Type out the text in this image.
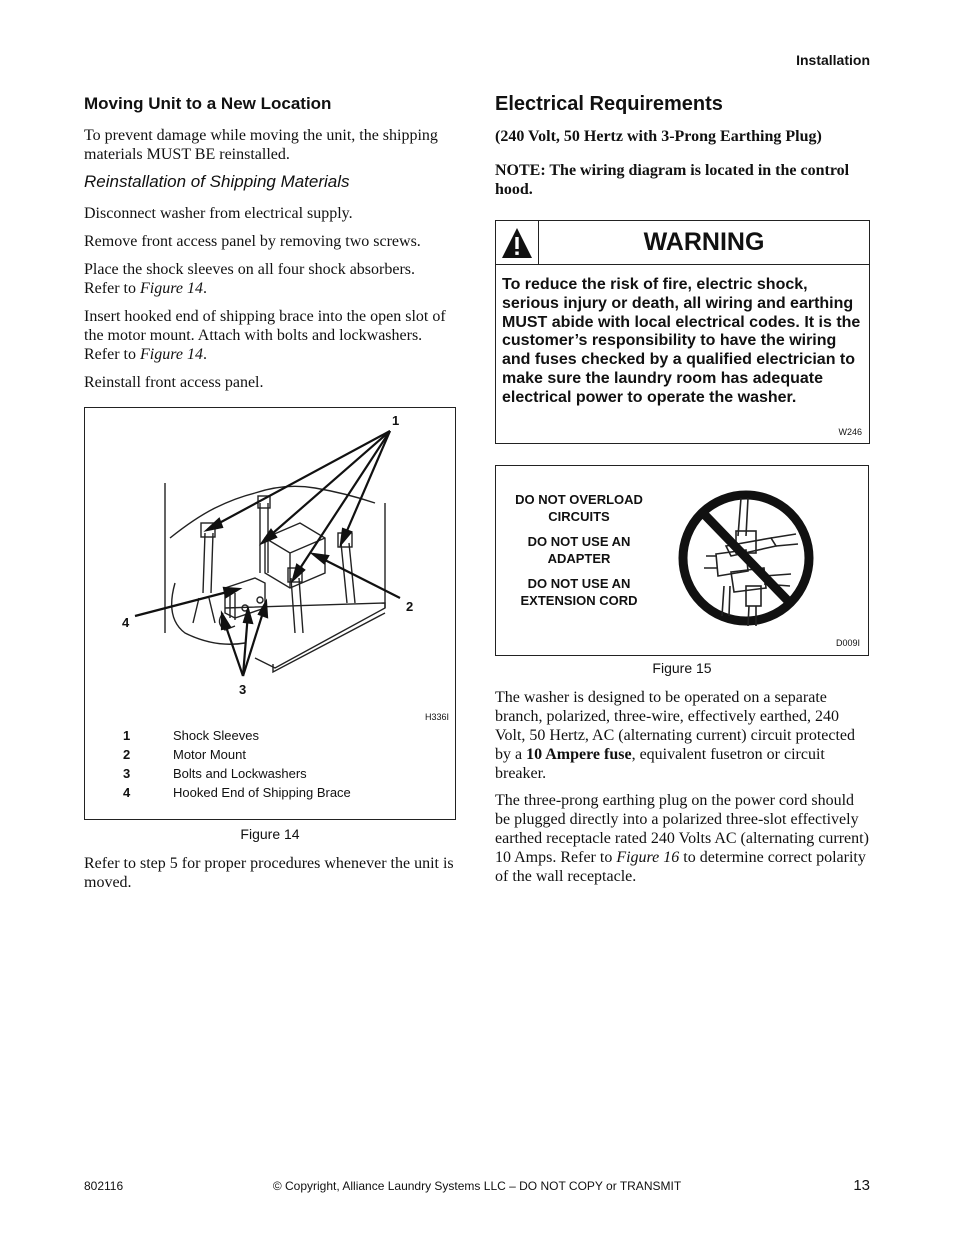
Installation
Moving Unit to a New Location
To prevent damage while moving the unit, the shipping materials MUST BE reinstalled.
Reinstallation of Shipping Materials
Disconnect washer from electrical supply.
Remove front access panel by removing two screws.
Place the shock sleeves on all four shock absorbers. Refer to Figure 14.
Insert hooked end of shipping brace into the open slot of the motor mount. Attach with bolts and lockwashers. Refer to Figure 14.
Reinstall front access panel.
1
2
3
4
H336I
1	Shock Sleeves
2	Motor Mount
3	Bolts and Lockwashers
4	Hooked End of Shipping Brace
Figure 14
Refer to step 5 for proper procedures whenever the unit is moved.
Electrical Requirements
(240 Volt, 50 Hertz with 3-Prong Earthing Plug)
NOTE: The wiring diagram is located in the control hood.
WARNING
To reduce the risk of fire, electric shock, serious injury or death, all wiring and earthing MUST abide with local electrical codes. It is the customer’s responsibility to have the wiring and fuses checked by a qualified electrician to make sure the laundry room has adequate electrical power to operate the washer.
W246
DO NOT OVERLOAD
CIRCUITS
DO NOT USE AN
ADAPTER
DO NOT USE AN
EXTENSION CORD
D009I
Figure 15
The washer is designed to be operated on a separate branch, polarized, three-wire, effectively earthed, 240 Volt, 50 Hertz, AC (alternating current) circuit protected by a 10 Ampere fuse, equivalent fusetron or circuit breaker.
The three-prong earthing plug on the power cord should be plugged directly into a polarized three-slot effectively earthed receptacle rated 240 Volts AC (alternating current) 10 Amps. Refer to Figure 16 to determine correct polarity of the wall receptacle.
802116	© Copyright, Alliance Laundry Systems LLC – DO NOT COPY or TRANSMIT	13
